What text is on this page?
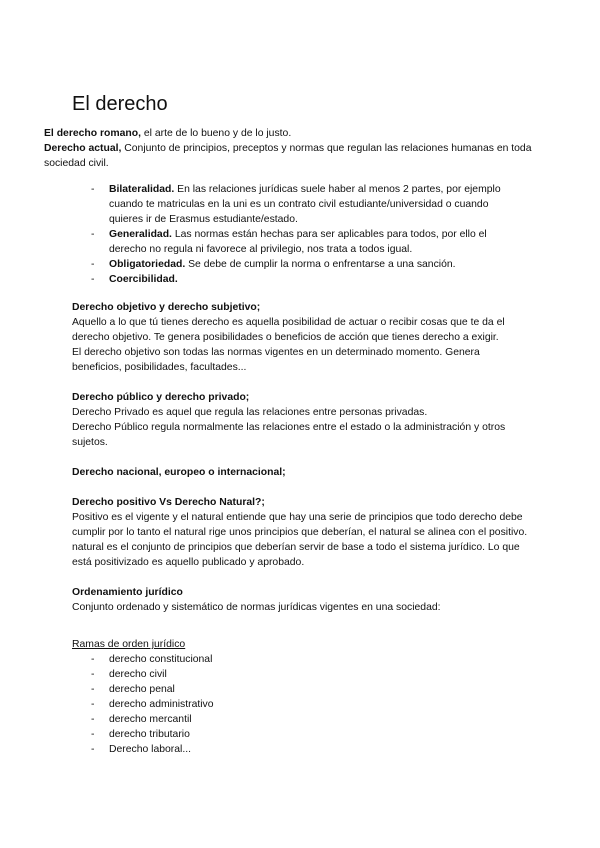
El derecho

El derecho romano, el arte de lo bueno y de lo justo.

Derecho actual, Conjunto de principios, preceptos y normas que regulan las relaciones humanas en toda sociedad civil.

- Bilateralidad. En las relaciones jurídicas suele haber al menos 2 partes, por ejemplo cuando te matriculas en la uni es un contrato civil estudiante/universidad o cuando quieres ir de Erasmus estudiante/estado.
- Generalidad. Las normas están hechas para ser aplicables para todos, por ello el derecho no regula ni favorece al privilegio, nos trata a todos igual.
- Obligatoriedad. Se debe de cumplir la norma o enfrentarse a una sanción.
- Coercibilidad.
Derecho objetivo y derecho subjetivo;

Aquello a lo que tú tienes derecho es aquella posibilidad de actuar o recibir cosas que te da el derecho objetivo. Te genera posibilidades o beneficios de acción que tienes derecho a exigir.

El derecho objetivo son todas las normas vigentes en un determinado momento. Genera beneficios, posibilidades, facultades...

Derecho público y derecho privado;

Derecho Privado es aquel que regula las relaciones entre personas privadas.

Derecho Público regula normalmente las relaciones entre el estado o la administración y otros sujetos.

Derecho nacional, europeo o internacional;
Derecho positivo Vs Derecho Natural?;

Positivo es el vigente y el natural entiende que hay una serie de principios que todo derecho debe cumplir por lo tanto el natural rige unos principios que deberían, el natural se alinea con el positivo. natural es el conjunto de principios que deberían servir de base a todo el sistema jurídico. Lo que está positivizado es aquello publicado y aprobado.

Ordenamiento jurídico

Conjunto ordenado y sistemático de normas jurídicas vigentes en una sociedad:

Ramas de orden jurídico

- derecho constitucional
- derecho civil
- derecho penal
- derecho administrativo
- derecho mercantil
- derecho tributario
- Derecho laboral...
